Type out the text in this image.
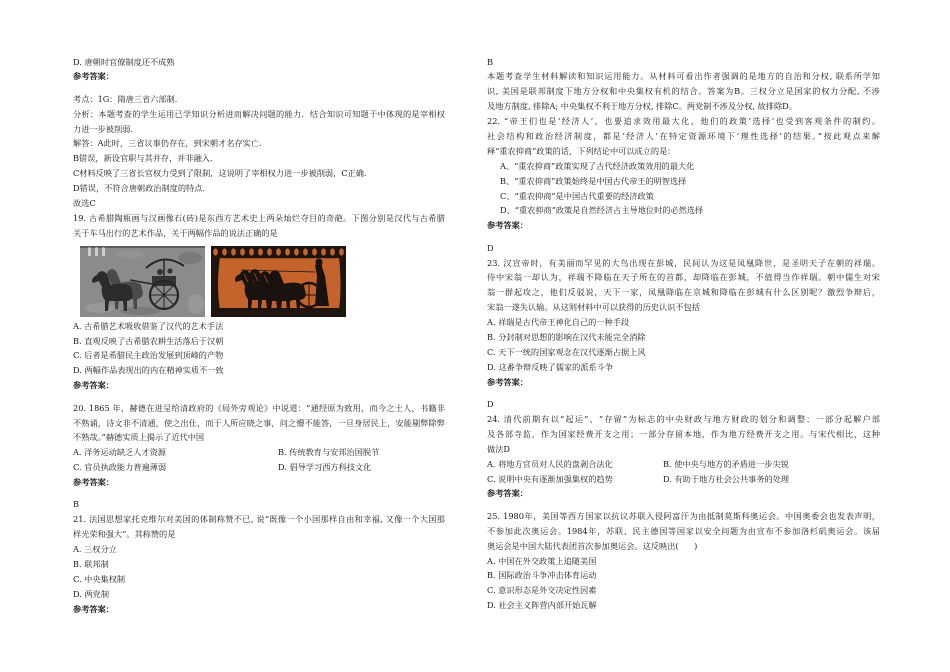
D. 唐朝时官僚制度还不成熟
参考答案：
考点：1G：隋唐三省六部制．
分析：本题考查的学生运用已学知识分析进而解决问题的能力．结合知识可知题干中体现的是宰相权
力进一步被削弱．
解答：A此时，三省议事仍存在，到宋朝才名存实亡．
B错误，新设官职与其并存，并非融入．
C材料反映了三省长官权力受到了限制，这说明了宰相权力进一步被削弱，C正确．
D错误，不符合唐朝政治制度的特点．
故选C
19. 古希腊陶瓶画与汉画像石(砖)是东西方艺术史上两朵灿烂夺目的奇葩。下图分别是汉代与古希腊
关于车马出行的艺术作品，关于两幅作品的说法正确的是
A. 古希腊艺术吸收借鉴了汉代的艺术手法
B. 直观反映了古希腊农耕生活落后于汉朝
C. 后者是希腊民主政治发展到顶峰的产物
D. 两幅作品表现出的内在精神实质不一致
参考答案：
20. 1865 年，赫德在进呈给清政府的《局外旁观论》中说道：“通经原为致用，而今之士人，书籍非
不熟诵，诗文非不清通，使之出仕，而于人所应晓之事，问之懵不能答，一旦身居民上，安能剔弊除弊
不熟哉。”赫德实质上揭示了近代中国
A. 洋务运动缺乏人才资源	B. 传统教育与安邦治国脱节
C. 官员执政能力普遍薄弱	D. 倡导学习西方科技文化
参考答案：
B
21. 法国思想家托克维尔对美国的体制称赞不已, 说“既像一个小国那样自由和幸福, 又像一个大国那
样光荣和强大”。其称赞的是
A. 三权分立
B. 联邦制
C. 中央集权制
D. 两党制
参考答案：
B
本题考查学生材料解读和知识运用能力。从材料可看出作者强调的是地方的自治和分权, 联系所学知
识, 美国是联邦制度下地方分权和中央集权有机的结合。答案为B。三权分立是国家的权力分配, 不涉
及地方制度, 排除A; 中央集权不利于地方分权, 排除C。两党制不涉及分权, 故排除D。
22. “帝王们也是‘经济人’，也要追求效用最大化，他们的政策‘选择’也受到客观条件的制约。
社会结构和政治经济制度，都是‘经济人’在特定资源环境下‘理性选择’的结果。”按此观点来解
释“重农抑商”政策的话，下列结论中可以成立的是：
A、“重农抑商”政策实现了古代经济政策效用的最大化
B、“重农抑商”政策始终是中国古代帝王的明智选择
C、“重农抑商”是中国古代重要的经济政策
D、“重农抑商”政策是自然经济占主导地位时的必然选择
参考答案：
D
23. 汉宣帝时，有美丽而罕见的大鸟出现在彭城，民间认为这是凤凰降世，是圣明天子在朝的祥瑞。
侍中宋翁一却认为，祥瑞不降临在天子所在的首都，却降临在彭城，不值得当作祥瑞。朝中儒生对宋
翁一群起攻之，他们反驳说，天下一家，凤凰降临在京城和降临在彭城有什么区别呢？激烈争辩后，
宋翁一遂失认输。从这则材料中可以获得的历史认识不包括
A. 祥瑞是古代帝王神化自己的一种手段
B. 分封制对思想的影响在汉代未能完全消除
C. 天下一统的国家观念在汉代逐渐占据上风
D. 这番争辩反映了儒家的派系斗争
参考答案：
D
24. 清代前期有以“起运”、“存留”为标志的中央财政与地方财政的划分和调整：一部分起解户部
及各部寺监，作为国家经费开支之用；一部分存留本地，作为地方经费开支之用。与宋代相比，这种
做法D
A. 将地方官员对人民的盘剥合法化	B. 使中央与地方的矛盾进一步尖锐
C. 说明中央有逐渐加强集权的趋势	D. 有助于地方社会公共事务的处理
参考答案：
25. 1980年，美国等西方国家以抗议苏联入侵阿富汗为由抵制莫斯科奥运会。中国奥委会也发表声明，
不参加此次奥运会。1984年，苏联、民主德国等国家以安全问题为由宣布不参加洛杉矶奥运会。该届
奥运会是中国大陆代表团首次参加奥运会。这反映出(      )
A. 中国在外交政策上追随美国
B. 国际政治斗争冲击体育运动
C. 意识形态是外交决定性因素
D. 社会主义阵营内部开始瓦解
